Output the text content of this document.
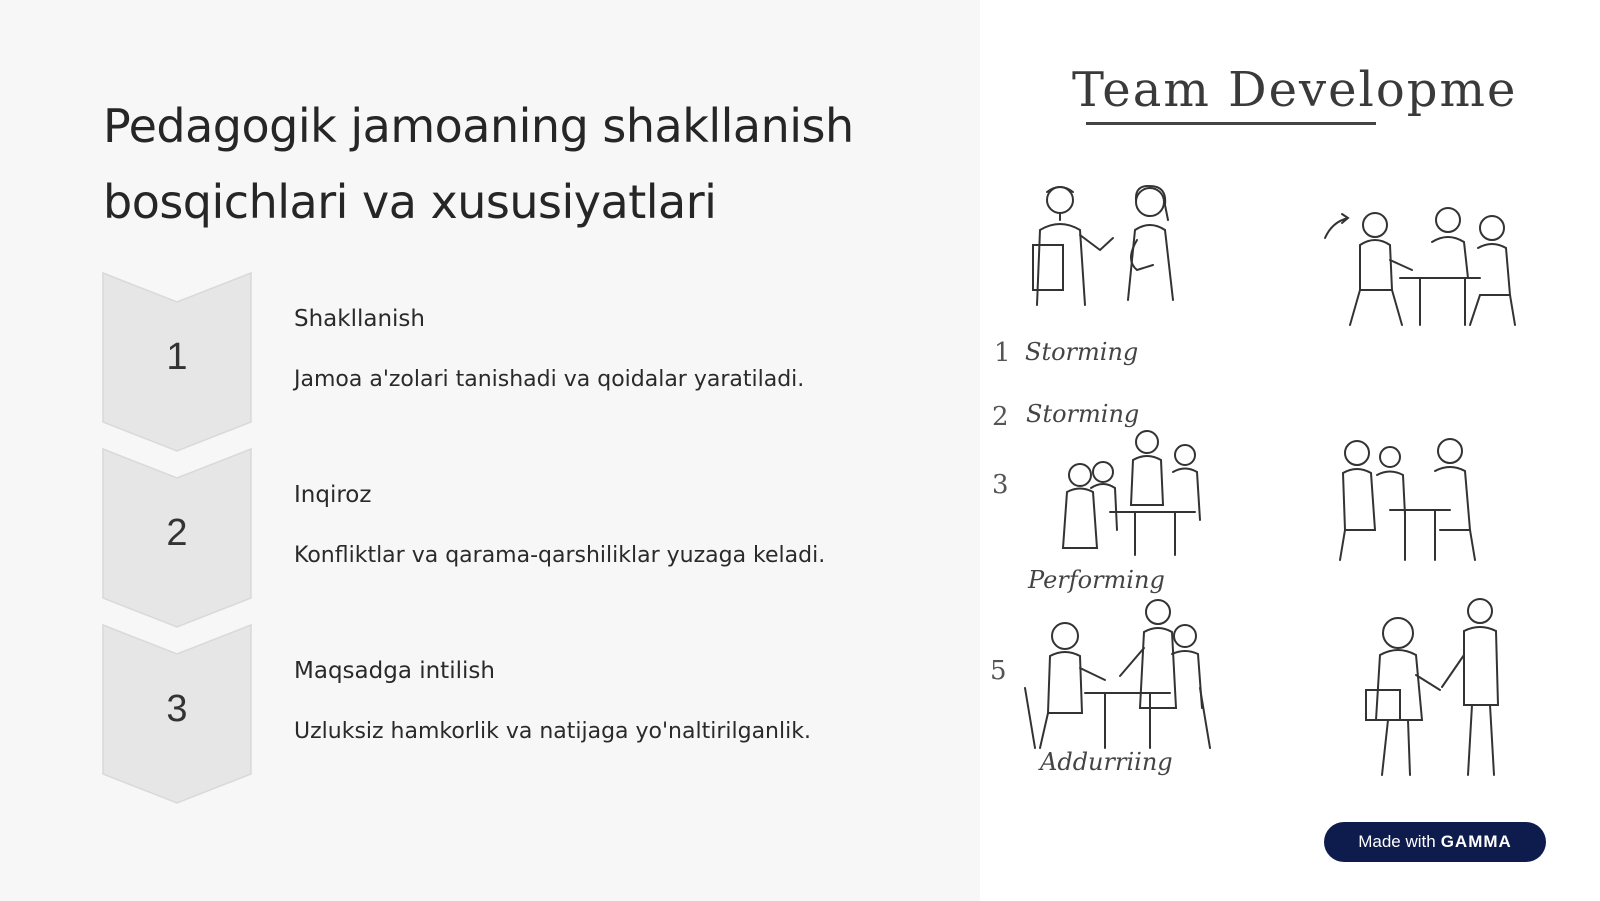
Pedagogik jamoaning shakllanish bosqichlari va xususiyatlari
1
Shakllanish
Jamoa a'zolari tanishadi va qoidalar yaratiladi.
2
Inqiroz
Konfliktlar va qarama-qarshiliklar yuzaga keladi.
3
Maqsadga intilish
Uzluksiz hamkorlik va natijaga yo'naltirilganlik.
Team Developme
1 Storming
2 Storming
3
Performing
5
Addurriing
Made with GAMMA
